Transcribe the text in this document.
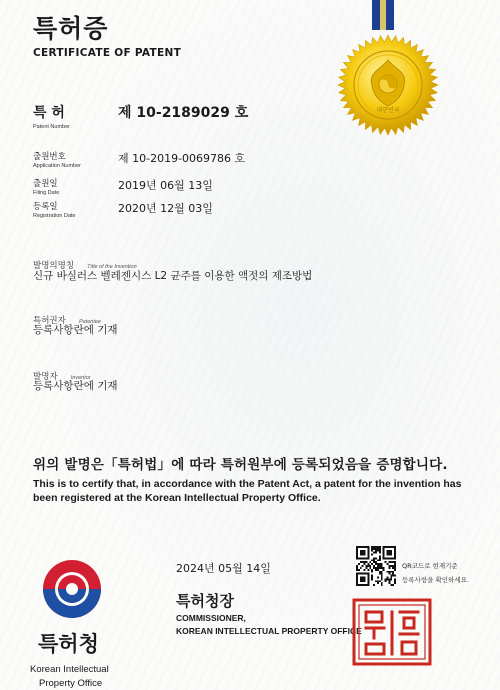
특허증
CERTIFICATE OF PATENT
대한민국
특 허
Patent Number
제 10-2189029 호
출원번호
Application Number
제 10-2019-0069786 호
출원일
Filing Date
2019년 06월 13일
등록일
Registration Date
2020년 12월 03일
발명의명칭 Title of the Invention
신규 바실러스 벨레젠시스 L2 균주를 이용한 액젓의 제조방법
특허권자 Patentee
등록사항란에 기재
발명자 Inventor
등록사항란에 기재
위의 발명은「특허법」에 따라 특허원부에 등록되었음을 증명합니다.
This is to certify that, in accordance with the Patent Act, a patent for the invention has been registered at the Korean Intellectual Property Office.
2024년 05월 14일
특허청장
COMMISSIONER,
KOREAN INTELLECTUAL PROPERTY OFFICE
QR코드로 현재기준
등록사항을 확인하세요.
특허청
Korean Intellectual
Property Office
